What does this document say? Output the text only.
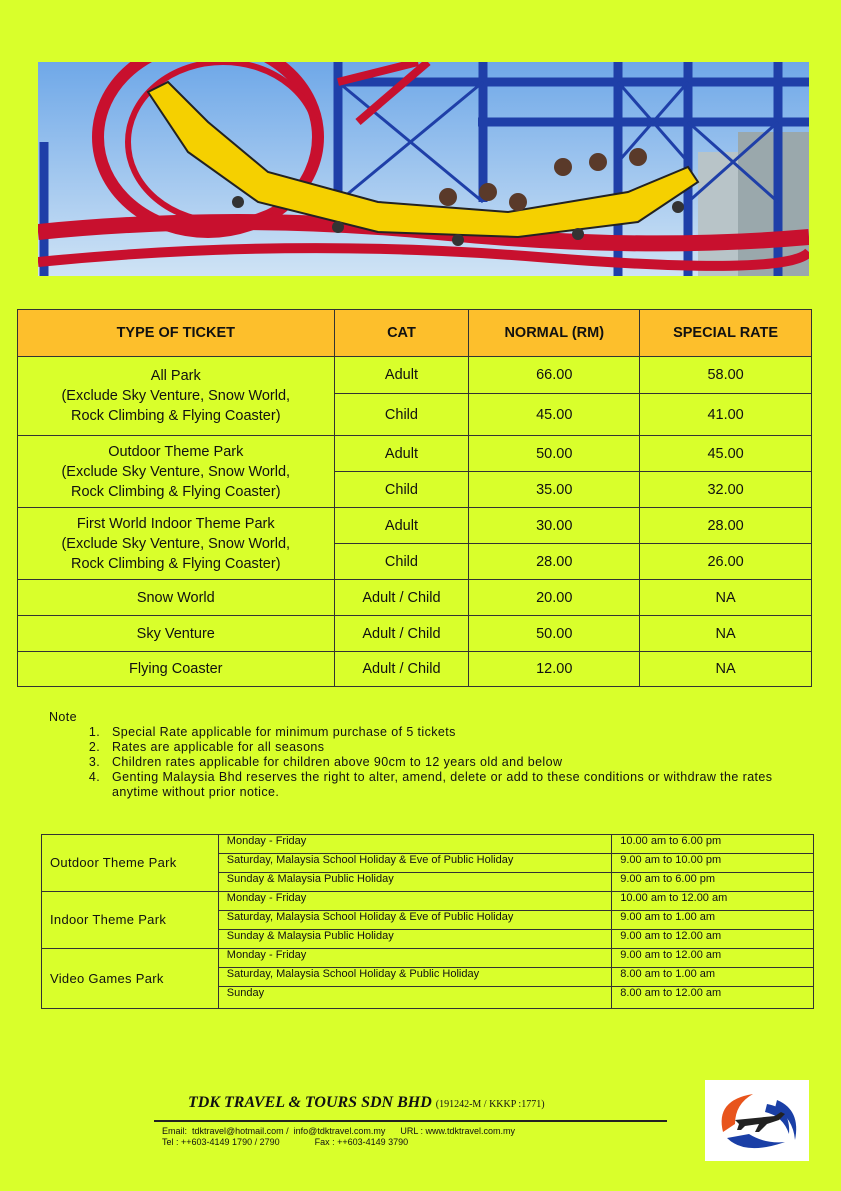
TYPE OF TICKET	CAT	NORMAL (RM)	SPECIAL RATE

All Park
(Exclude Sky Venture, Snow World,
Rock Climbing & Flying Coaster)	Adult	66.00	58.00
	Child	45.00	41.00

Outdoor Theme Park
(Exclude Sky Venture, Snow World,
Rock Climbing & Flying Coaster)	Adult	50.00	45.00
	Child	35.00	32.00

First World Indoor Theme Park
(Exclude Sky Venture, Snow World,
Rock Climbing & Flying Coaster)	Adult	30.00	28.00
	Child	28.00	26.00
Snow World	Adult / Child	20.00	NA
Sky Venture	Adult / Child	50.00	NA
Flying Coaster	Adult / Child	12.00	NA
Note
1. Special Rate applicable for minimum purchase of 5 tickets
2. Rates are applicable for all seasons
3. Children rates applicable for children above 90cm to 12 years old and below
4. Genting Malaysia Bhd reserves the right to alter, amend, delete or add to these conditions or withdraw the rates anytime without prior notice.
Outdoor Theme Park	Monday - Friday	10.00 am to 6.00 pm
	Saturday, Malaysia School Holiday & Eve of Public Holiday	9.00 am to 10.00 pm
	Sunday & Malaysia Public Holiday	9.00 am to 6.00 pm
Indoor Theme Park	Monday - Friday	10.00 am to 12.00 am
	Saturday, Malaysia School Holiday & Eve of Public Holiday	9.00 am to 1.00 am
	Sunday & Malaysia Public Holiday	9.00 am to 12.00 am
Video Games Park	Monday - Friday	9.00 am to 12.00 am
	Saturday, Malaysia School Holiday & Public Holiday	8.00 am to 1.00 am
	Sunday	8.00 am to 12.00 am
TDK TRAVEL & TOURS SDN BHD (191242-M / KKKP :1771)
Email:  tdktravel@hotmail.com /  info@tdktravel.com.my      URL : www.tdktravel.com.my
Tel : ++603-4149 1790 / 2790              Fax : ++603-4149 3790
